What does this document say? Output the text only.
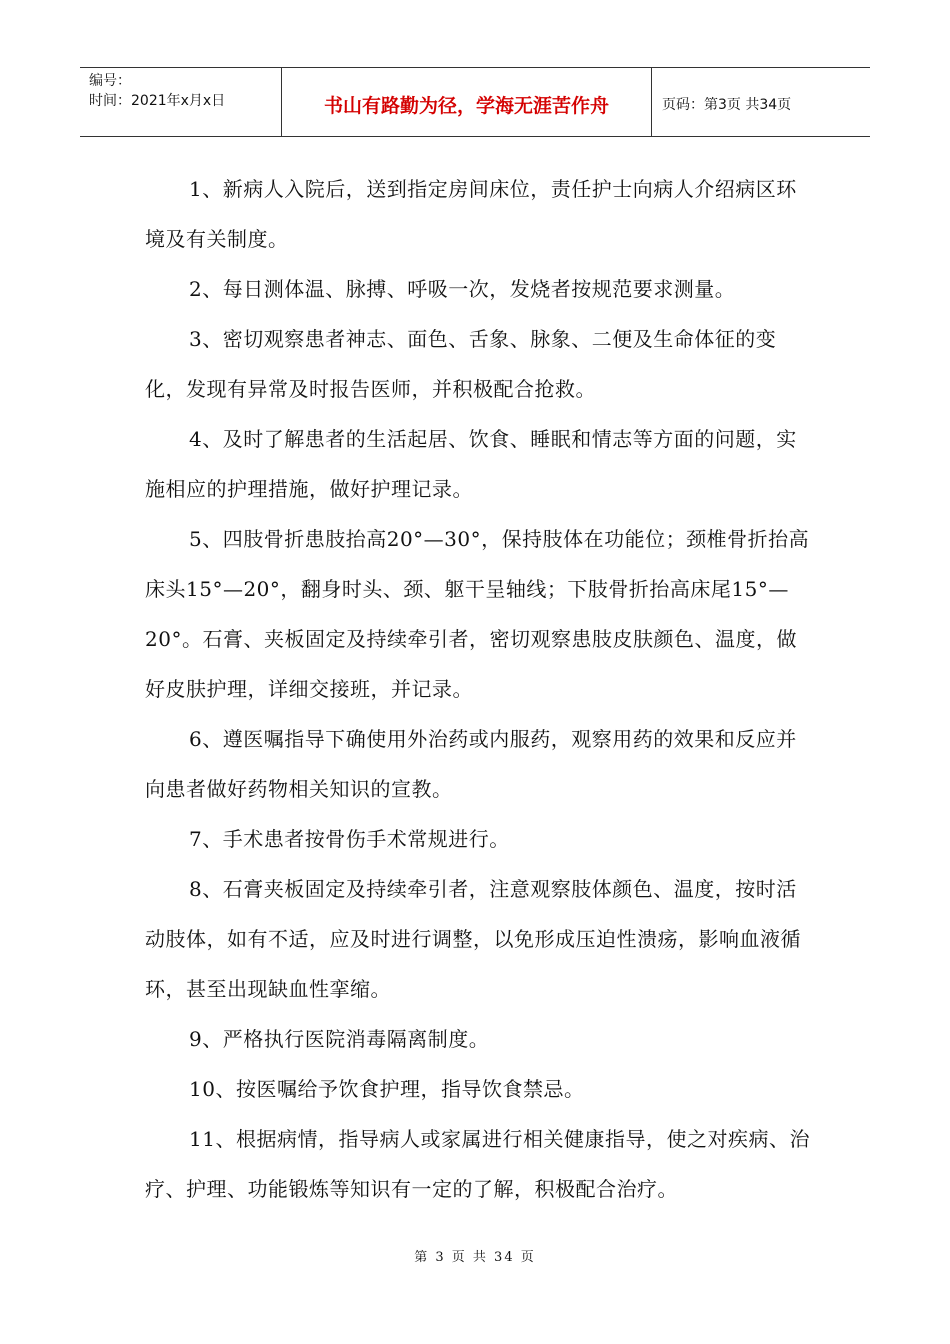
编号：
时间：2021年x月x日	书山有路勤为径，学海无涯苦作舟	页码：第3页 共34页

1、新病人入院后，送到指定房间床位，责任护士向病人介绍病区环境及有关制度。

2、每日测体温、脉搏、呼吸一次，发烧者按规范要求测量。

3、密切观察患者神志、面色、舌象、脉象、二便及生命体征的变化，发现有异常及时报告医师，并积极配合抢救。

4、及时了解患者的生活起居、饮食、睡眠和情志等方面的问题，实施相应的护理措施，做好护理记录。

5、四肢骨折患肢抬高20°—30°，保持肢体在功能位；颈椎骨折抬高床头15°—20°，翻身时头、颈、躯干呈轴线；下肢骨折抬高床尾15°—20°。石膏、夹板固定及持续牵引者，密切观察患肢皮肤颜色、温度，做好皮肤护理，详细交接班，并记录。

6、遵医嘱指导下确使用外治药或内服药，观察用药的效果和反应并向患者做好药物相关知识的宣教。

7、手术患者按骨伤手术常规进行。

8、石膏夹板固定及持续牵引者，注意观察肢体颜色、温度，按时活动肢体，如有不适，应及时进行调整，以免形成压迫性溃疡，影响血液循环，甚至出现缺血性挛缩。

9、严格执行医院消毒隔离制度。

10、按医嘱给予饮食护理，指导饮食禁忌。

11、根据病情，指导病人或家属进行相关健康指导，使之对疾病、治疗、护理、功能锻炼等知识有一定的了解，积极配合治疗。

第 3 页 共 34 页
